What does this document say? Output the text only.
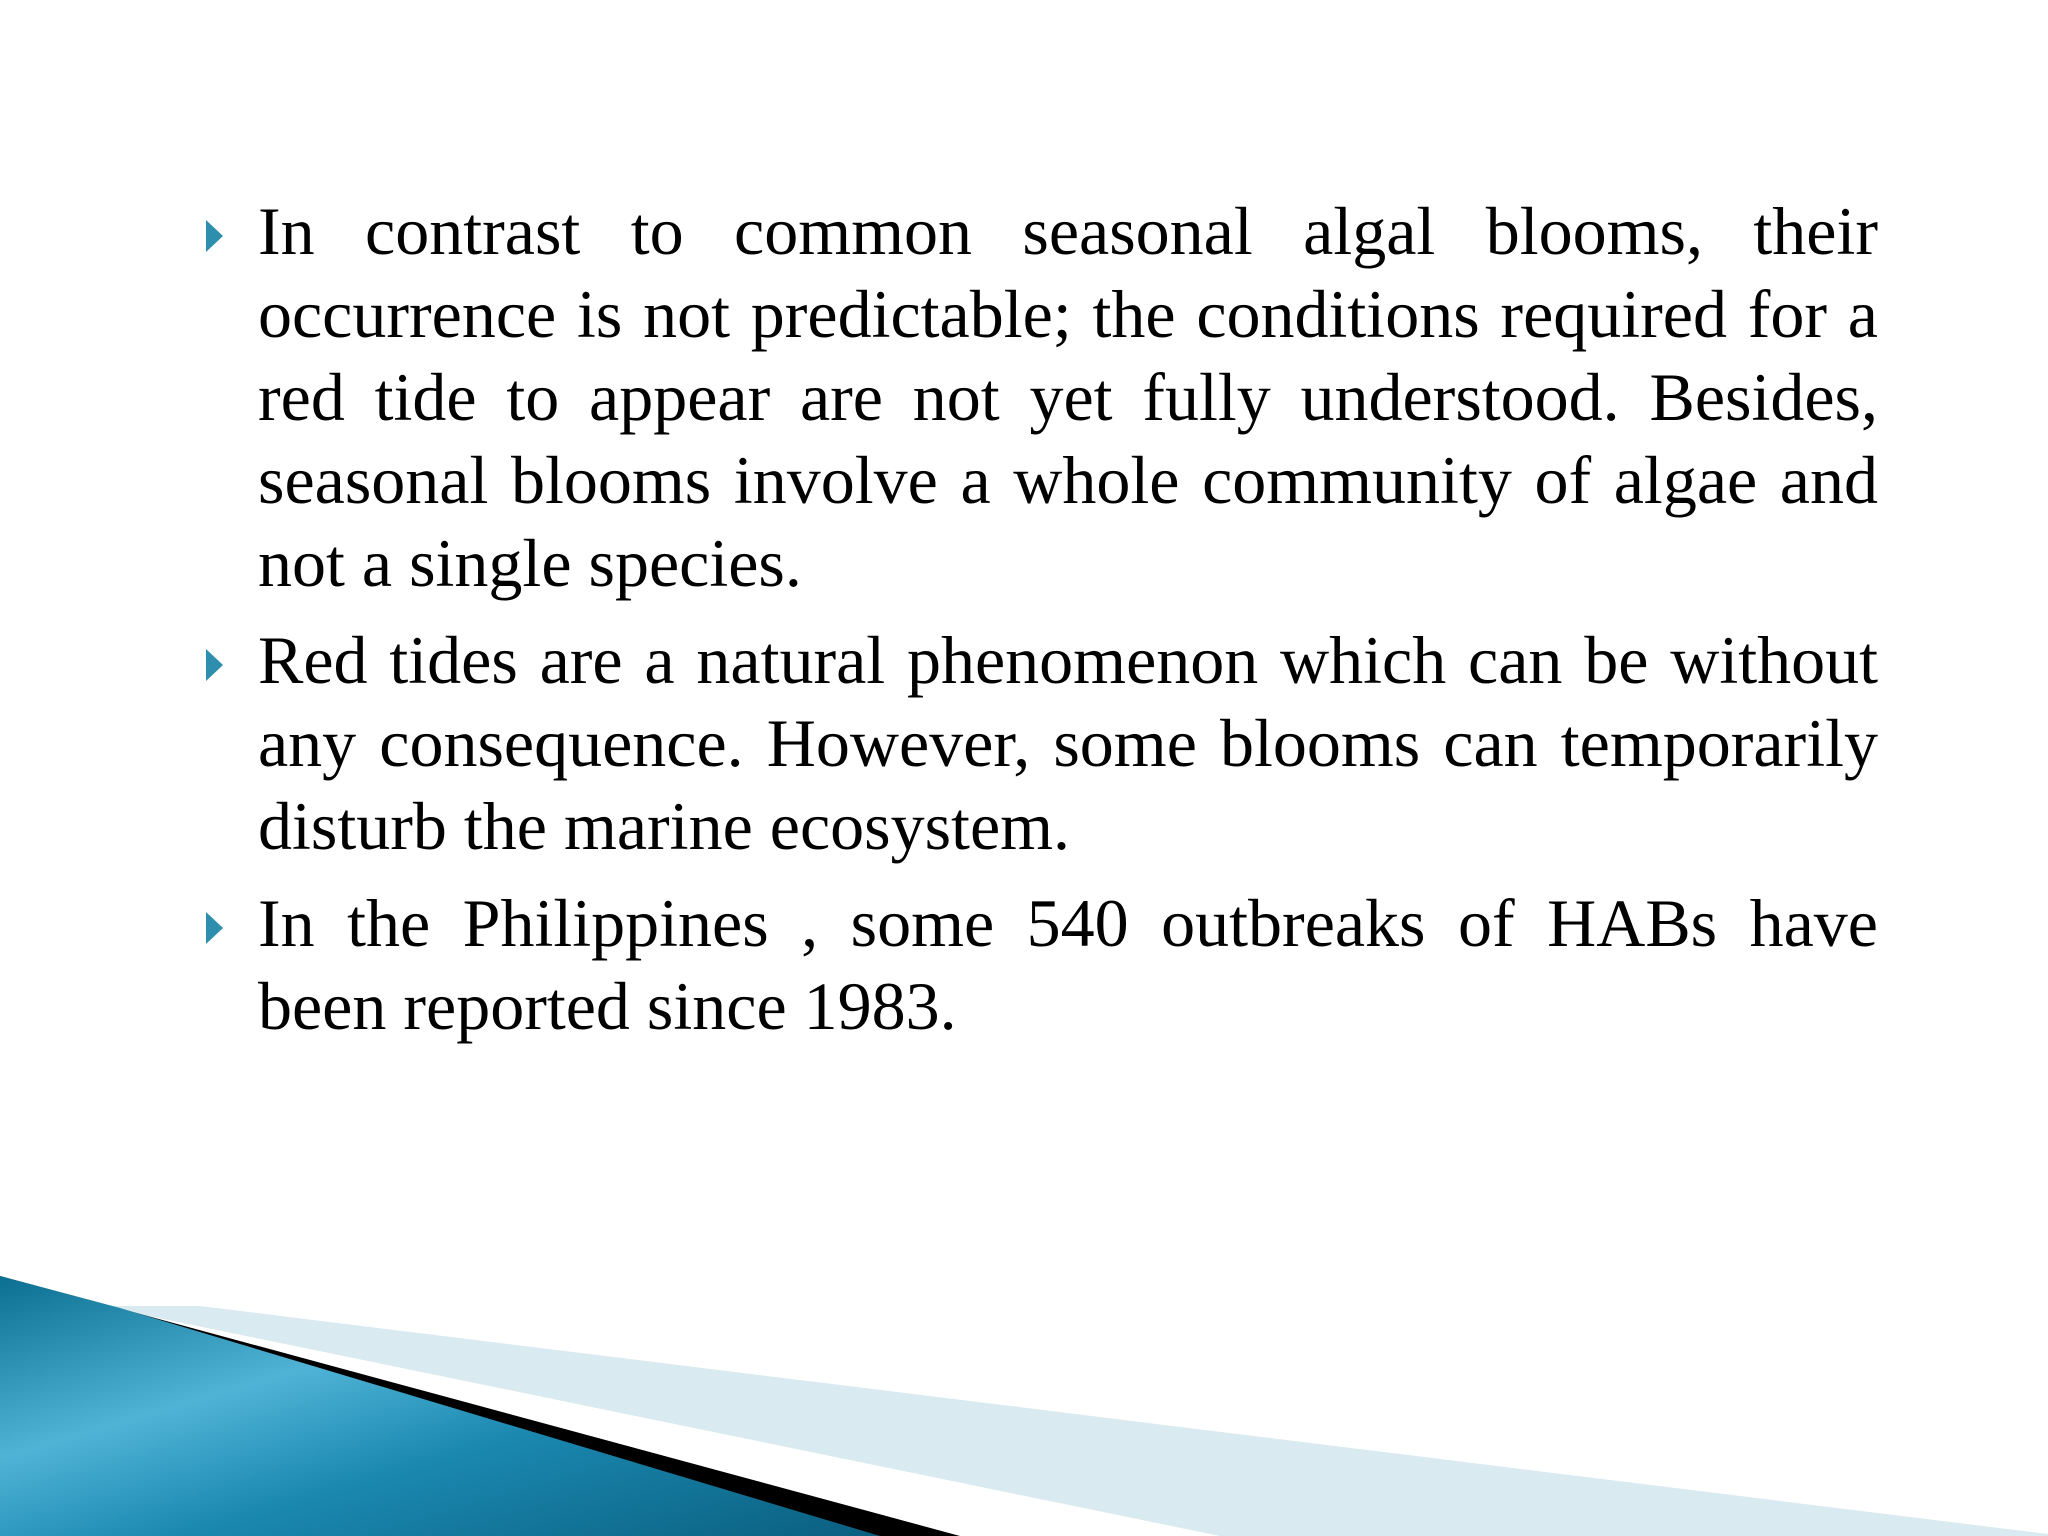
In contrast to common seasonal algal blooms, their occurrence is not predictable; the conditions required for a red tide to appear are not yet fully understood. Besides, seasonal blooms involve a whole community of algae and not a single species.
Red tides are a natural phenomenon which can be without any consequence. However, some blooms can temporarily disturb the marine ecosystem.
In the Philippines , some 540 outbreaks of HABs have been reported since 1983.
